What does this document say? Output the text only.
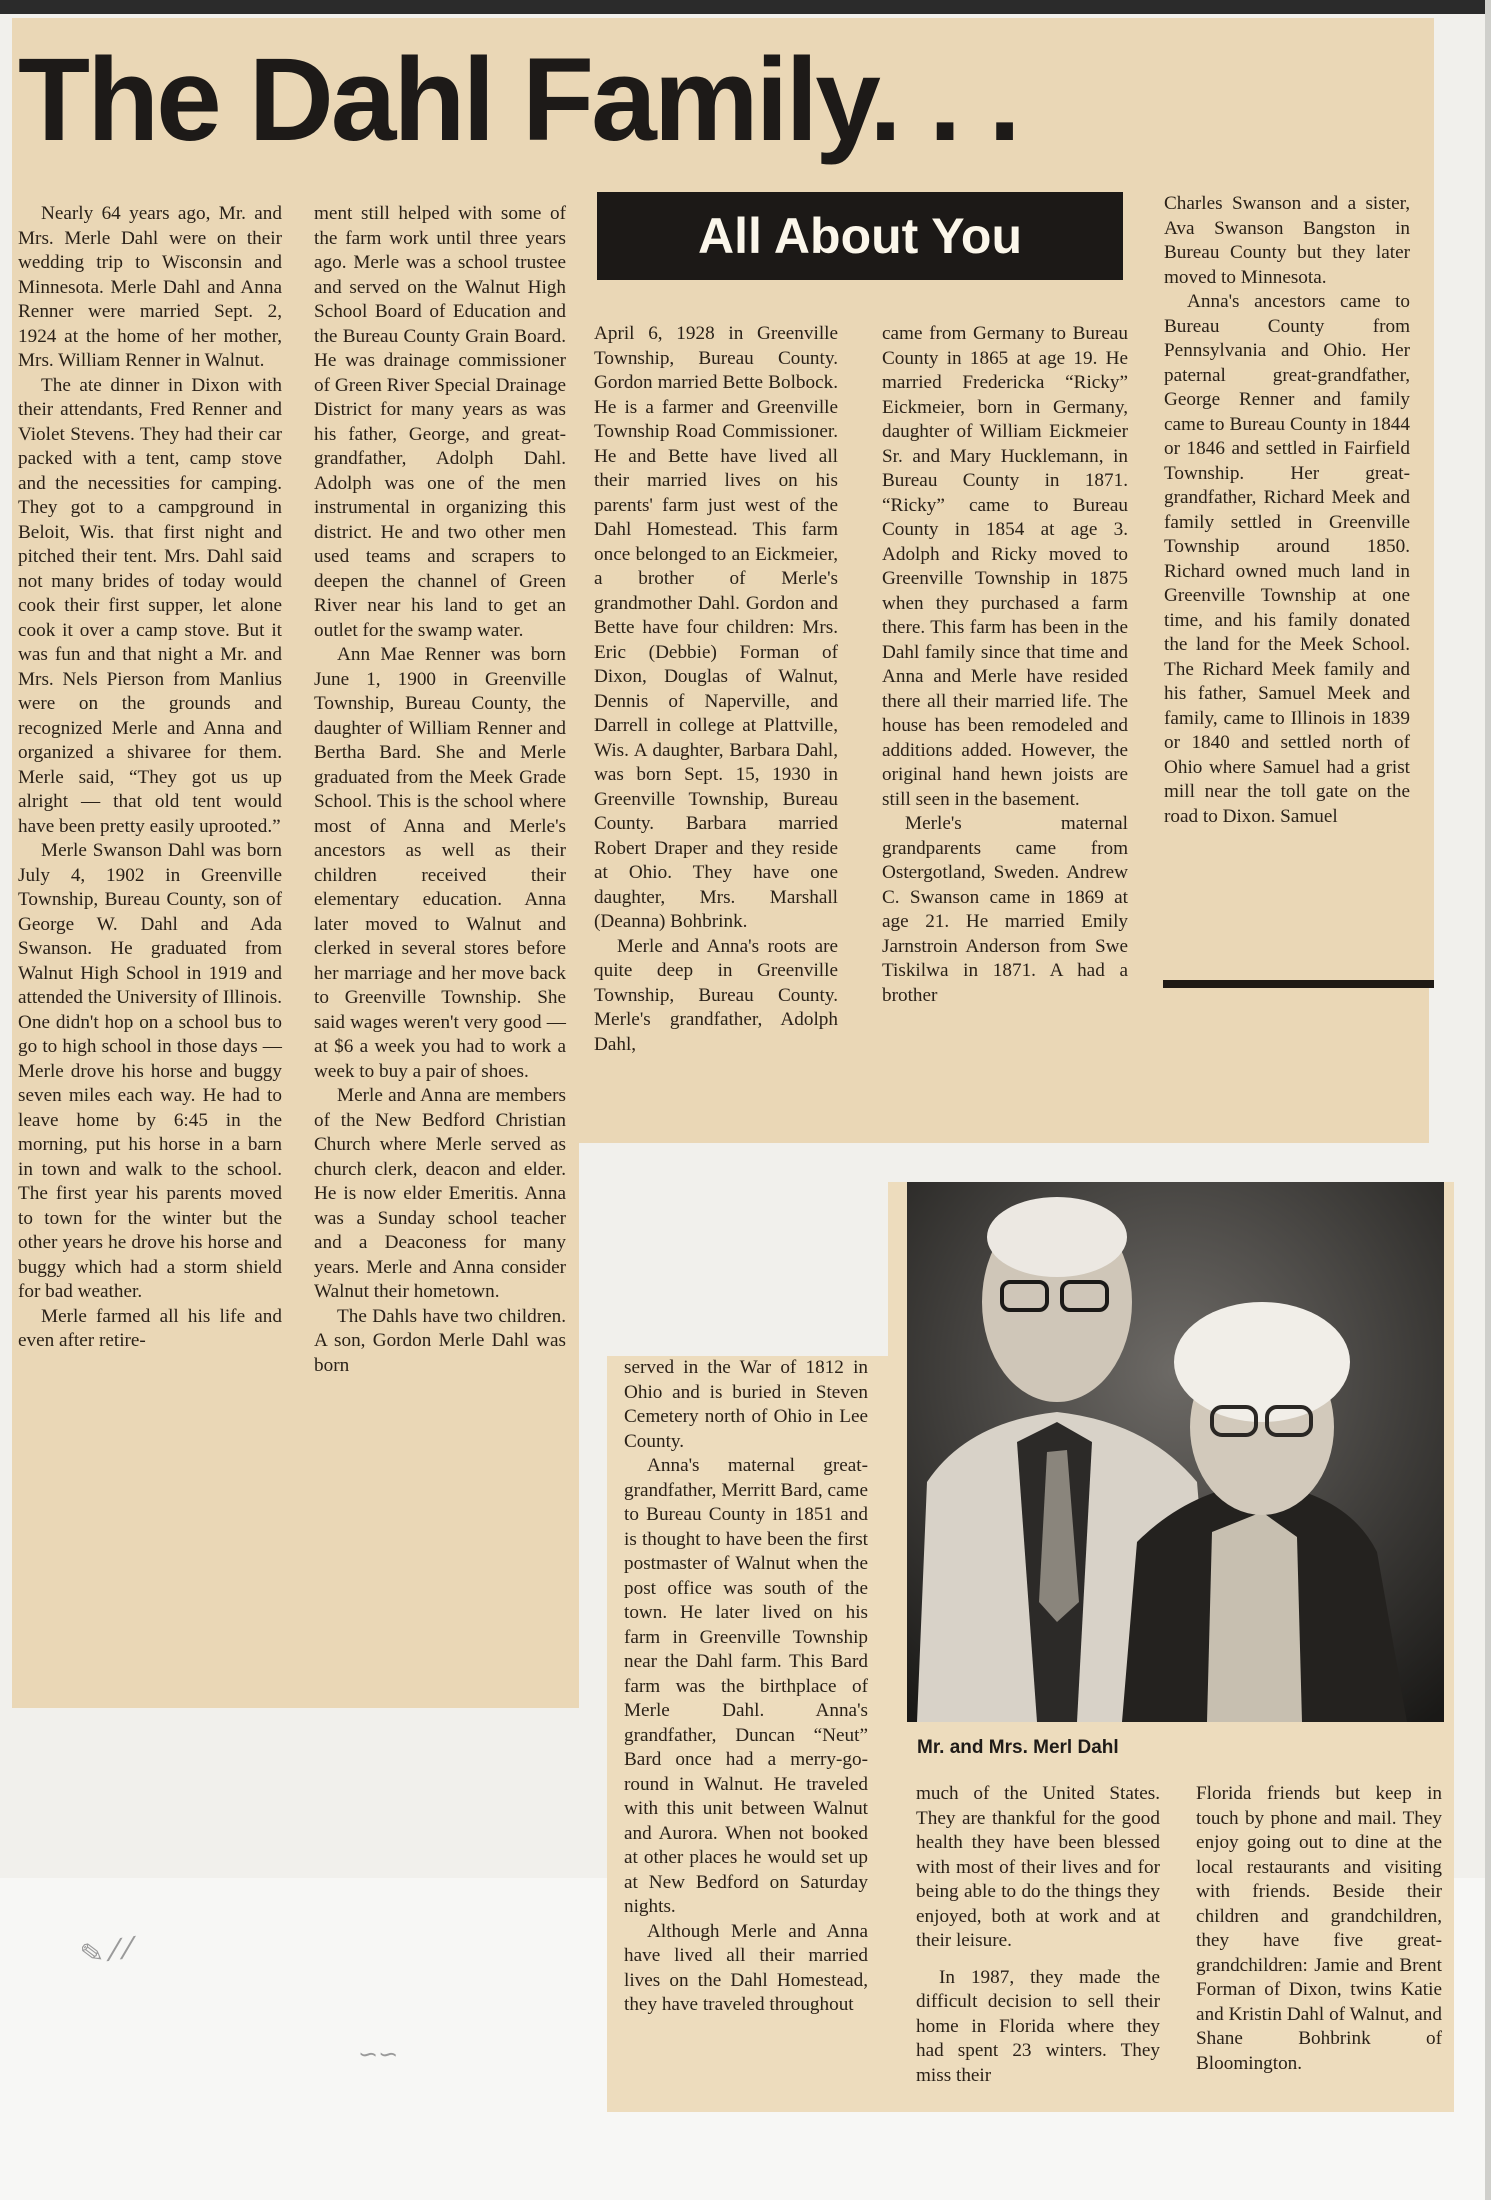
The Dahl Family. . .
All About You

Nearly 64 years ago, Mr. and Mrs. Merle Dahl were on their wedding trip to Wisconsin and Minnesota. Merle Dahl and Anna Renner were married Sept. 2, 1924 at the home of her mother, Mrs. William Renner in Walnut.

The ate dinner in Dixon with their attendants, Fred Renner and Violet Stevens. They had their car packed with a tent, camp stove and the necessities for camping. They got to a campground in Beloit, Wis. that first night and pitched their tent. Mrs. Dahl said not many brides of today would cook their first supper, let alone cook it over a camp stove. But it was fun and that night a Mr. and Mrs. Nels Pierson from Manlius were on the grounds and recognized Merle and Anna and organized a shivaree for them. Merle said, “They got us up alright — that old tent would have been pretty easily uprooted.”

Merle Swanson Dahl was born July 4, 1902 in Greenville Township, Bureau County, son of George W. Dahl and Ada Swanson. He graduated from Walnut High School in 1919 and attended the University of Illinois. One didn't hop on a school bus to go to high school in those days — Merle drove his horse and buggy seven miles each way. He had to leave home by 6:45 in the morning, put his horse in a barn in town and walk to the school. The first year his parents moved to town for the winter but the other years he drove his horse and buggy which had a storm shield for bad weather.

Merle farmed all his life and even after retire-

ment still helped with some of the farm work until three years ago. Merle was a school trustee and served on the Walnut High School Board of Education and the Bureau County Grain Board. He was drainage commissioner of Green River Special Drainage District for many years as was his father, George, and great-grandfather, Adolph Dahl. Adolph was one of the men instrumental in organizing this district. He and two other men used teams and scrapers to deepen the channel of Green River near his land to get an outlet for the swamp water.

Ann Mae Renner was born June 1, 1900 in Greenville Township, Bureau County, the daughter of William Renner and Bertha Bard. She and Merle graduated from the Meek Grade School. This is the school where most of Anna and Merle's ancestors as well as their children received their elementary education. Anna later moved to Walnut and clerked in several stores before her marriage and her move back to Greenville Township. She said wages weren't very good — at $6 a week you had to work a week to buy a pair of shoes.

Merle and Anna are members of the New Bedford Christian Church where Merle served as church clerk, deacon and elder. He is now elder Emeritis. Anna was a Sunday school teacher and a Deaconess for many years. Merle and Anna consider Walnut their hometown.

The Dahls have two children. A son, Gordon Merle Dahl was born

April 6, 1928 in Greenville Township, Bureau County. Gordon married Bette Bolbock. He is a farmer and Greenville Township Road Commissioner. He and Bette have lived all their married lives on his parents' farm just west of the Dahl Homestead. This farm once belonged to an Eickmeier, a brother of Merle's grandmother Dahl. Gordon and Bette have four children: Mrs. Eric (Debbie) Forman of Dixon, Douglas of Walnut, Dennis of Naperville, and Darrell in college at Plattville, Wis. A daughter, Barbara Dahl, was born Sept. 15, 1930 in Greenville Township, Bureau County. Barbara married Robert Draper and they reside at Ohio. They have one daughter, Mrs. Marshall (Deanna) Bohbrink.

Merle and Anna's roots are quite deep in Greenville Township, Bureau County. Merle's grandfather, Adolph Dahl,

came from Germany to Bureau County in 1865 at age 19. He married Fredericka “Ricky” Eickmeier, born in Germany, daughter of William Eickmeier Sr. and Mary Hucklemann, in Bureau County in 1871. “Ricky” came to Bureau County in 1854 at age 3. Adolph and Ricky moved to Greenville Township in 1875 when they purchased a farm there. This farm has been in the Dahl family since that time and Anna and Merle have resided there all their married life. The house has been remodeled and additions added. However, the original hand hewn joists are still seen in the basement.

Merle's maternal grandparents came from Ostergotland, Sweden. Andrew C. Swanson came in 1869 at age 21. He married Emily Jarnstroin Anderson from Swe Tiskilwa in 1871. A had a brother

Charles Swanson and a sister, Ava Swanson Bangston in Bureau County but they later moved to Minnesota.

Anna's ancestors came to Bureau County from Pennsylvania and Ohio. Her paternal great-grandfather, George Renner and family came to Bureau County in 1844 or 1846 and settled in Fairfield Township. Her great-grandfather, Richard Meek and family settled in Greenville Township around 1850. Richard owned much land in Greenville Township at one time, and his family donated the land for the Meek School. The Richard Meek family and his father, Samuel Meek and family, came to Illinois in 1839 or 1840 and settled north of Ohio where Samuel had a grist mill near the toll gate on the road to Dixon. Samuel

served in the War of 1812 in Ohio and is buried in Steven Cemetery north of Ohio in Lee County.

Anna's maternal great-grandfather, Merritt Bard, came to Bureau County in 1851 and is thought to have been the first postmaster of Walnut when the post office was south of the town. He later lived on his farm in Greenville Township near the Dahl farm. This Bard farm was the birthplace of Merle Dahl. Anna's grandfather, Duncan “Neut” Bard once had a merry-go-round in Walnut. He traveled with this unit between Walnut and Aurora. When not booked at other places he would set up at New Bedford on Saturday nights.

Although Merle and Anna have lived all their married lives on the Dahl Homestead, they have traveled throughout

Mr. and Mrs. Merl Dahl

much of the United States. They are thankful for the good health they have been blessed with most of their lives and for being able to do the things they enjoyed, both at work and at their leisure.

In 1987, they made the difficult decision to sell their home in Florida where they had spent 23 winters. They miss their

Florida friends but keep in touch by phone and mail. They enjoy going out to dine at the local restaurants and visiting with friends. Beside their children and grandchildren, they have five great-grandchildren: Jamie and Brent Forman of Dixon, twins Katie and Kristin Dahl of Walnut, and Shane Bohbrink of Bloomington.

✎ ⁄ ⁄
∽∽
